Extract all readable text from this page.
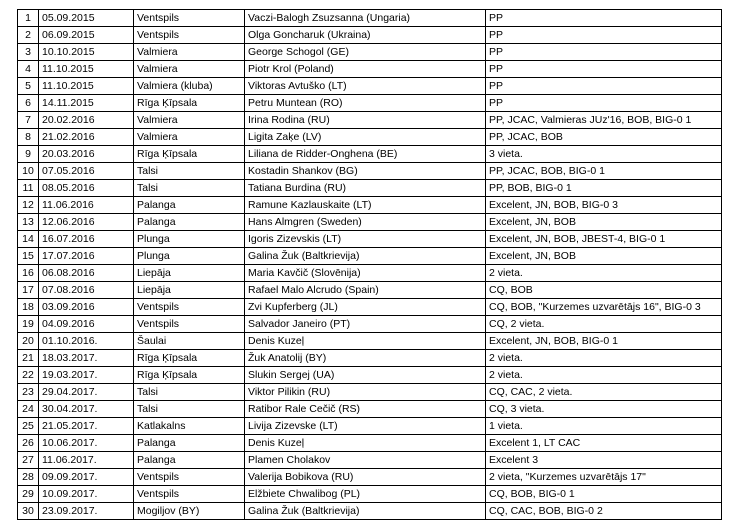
1	05.09.2015	Ventspils	Vaczi-Balogh Zsuzsanna (Ungaria)	PP
2	06.09.2015	Ventspils	Olga Goncharuk (Ukraina)	PP
3	10.10.2015	Valmiera	George Schogol (GE)	PP
4	11.10.2015	Valmiera	Piotr Krol (Poland)	PP
5	11.10.2015	Valmiera (kluba)	Viktoras Avtuško (LT)	PP
6	14.11.2015	Rīga Ķīpsala	Petru Muntean (RO)	PP
7	20.02.2016	Valmiera	Irina Rodina (RU)	PP, JCAC, Valmieras JUz'16, BOB, BIG-0 1
8	21.02.2016	Valmiera	Ligita Zaķe (LV)	PP, JCAC, BOB
9	20.03.2016	Rīga Ķīpsala	Liliana de Ridder-Onghena (BE)	3 vieta.
10	07.05.2016	Talsi	Kostadin Shankov (BG)	PP, JCAC, BOB, BIG-0 1
11	08.05.2016	Talsi	Tatiana Burdina (RU)	PP, BOB, BIG-0 1
12	11.06.2016	Palanga	Ramune Kazlauskaite (LT)	Excelent, JN, BOB, BIG-0 3
13	12.06.2016	Palanga	Hans Almgren (Sweden)	Excelent, JN, BOB
14	16.07.2016	Plunga	Igoris Zizevskis (LT)	Excelent, JN, BOB, JBEST-4, BIG-0 1
15	17.07.2016	Plunga	Galina Žuk (Baltkrievija)	Excelent, JN, BOB
16	06.08.2016	Liepāja	Maria Kavčič (Slovēnija)	2 vieta.
17	07.08.2016	Liepāja	Rafael Malo Alcrudo (Spain)	CQ, BOB
18	03.09.2016	Ventspils	Zvi Kupferberg (JL)	CQ, BOB, "Kurzemes uzvarētājs 16", BIG-0 3
19	04.09.2016	Ventspils	Salvador Janeiro (PT)	CQ, 2 vieta.
20	01.10.2016.	Šaulai	Denis Kuzeļ	Excelent, JN, BOB, BIG-0 1
21	18.03.2017.	Rīga Ķīpsala	Žuk Anatolij (BY)	2 vieta.
22	19.03.2017.	Rīga Ķīpsala	Slukin Sergej (UA)	2 vieta.
23	29.04.2017.	Talsi	Viktor Pilikin (RU)	CQ, CAC, 2 vieta.
24	30.04.2017.	Talsi	Ratibor Rale Cečič (RS)	CQ, 3 vieta.
25	21.05.2017.	Katlakalns	Livija Zizevske (LT)	1 vieta.
26	10.06.2017.	Palanga	Denis Kuzeļ	Excelent 1, LT CAC
27	11.06.2017.	Palanga	Plamen Cholakov	Excelent 3
28	09.09.2017.	Ventspils	Valerija Bobikova (RU)	2 vieta, "Kurzemes uzvarētājs 17"
29	10.09.2017.	Ventspils	Elžbiete Chwalibog (PL)	CQ, BOB, BIG-0 1
30	23.09.2017.	Mogiljov (BY)	Galina Žuk (Baltkrievija)	CQ, CAC, BOB, BIG-0 2
